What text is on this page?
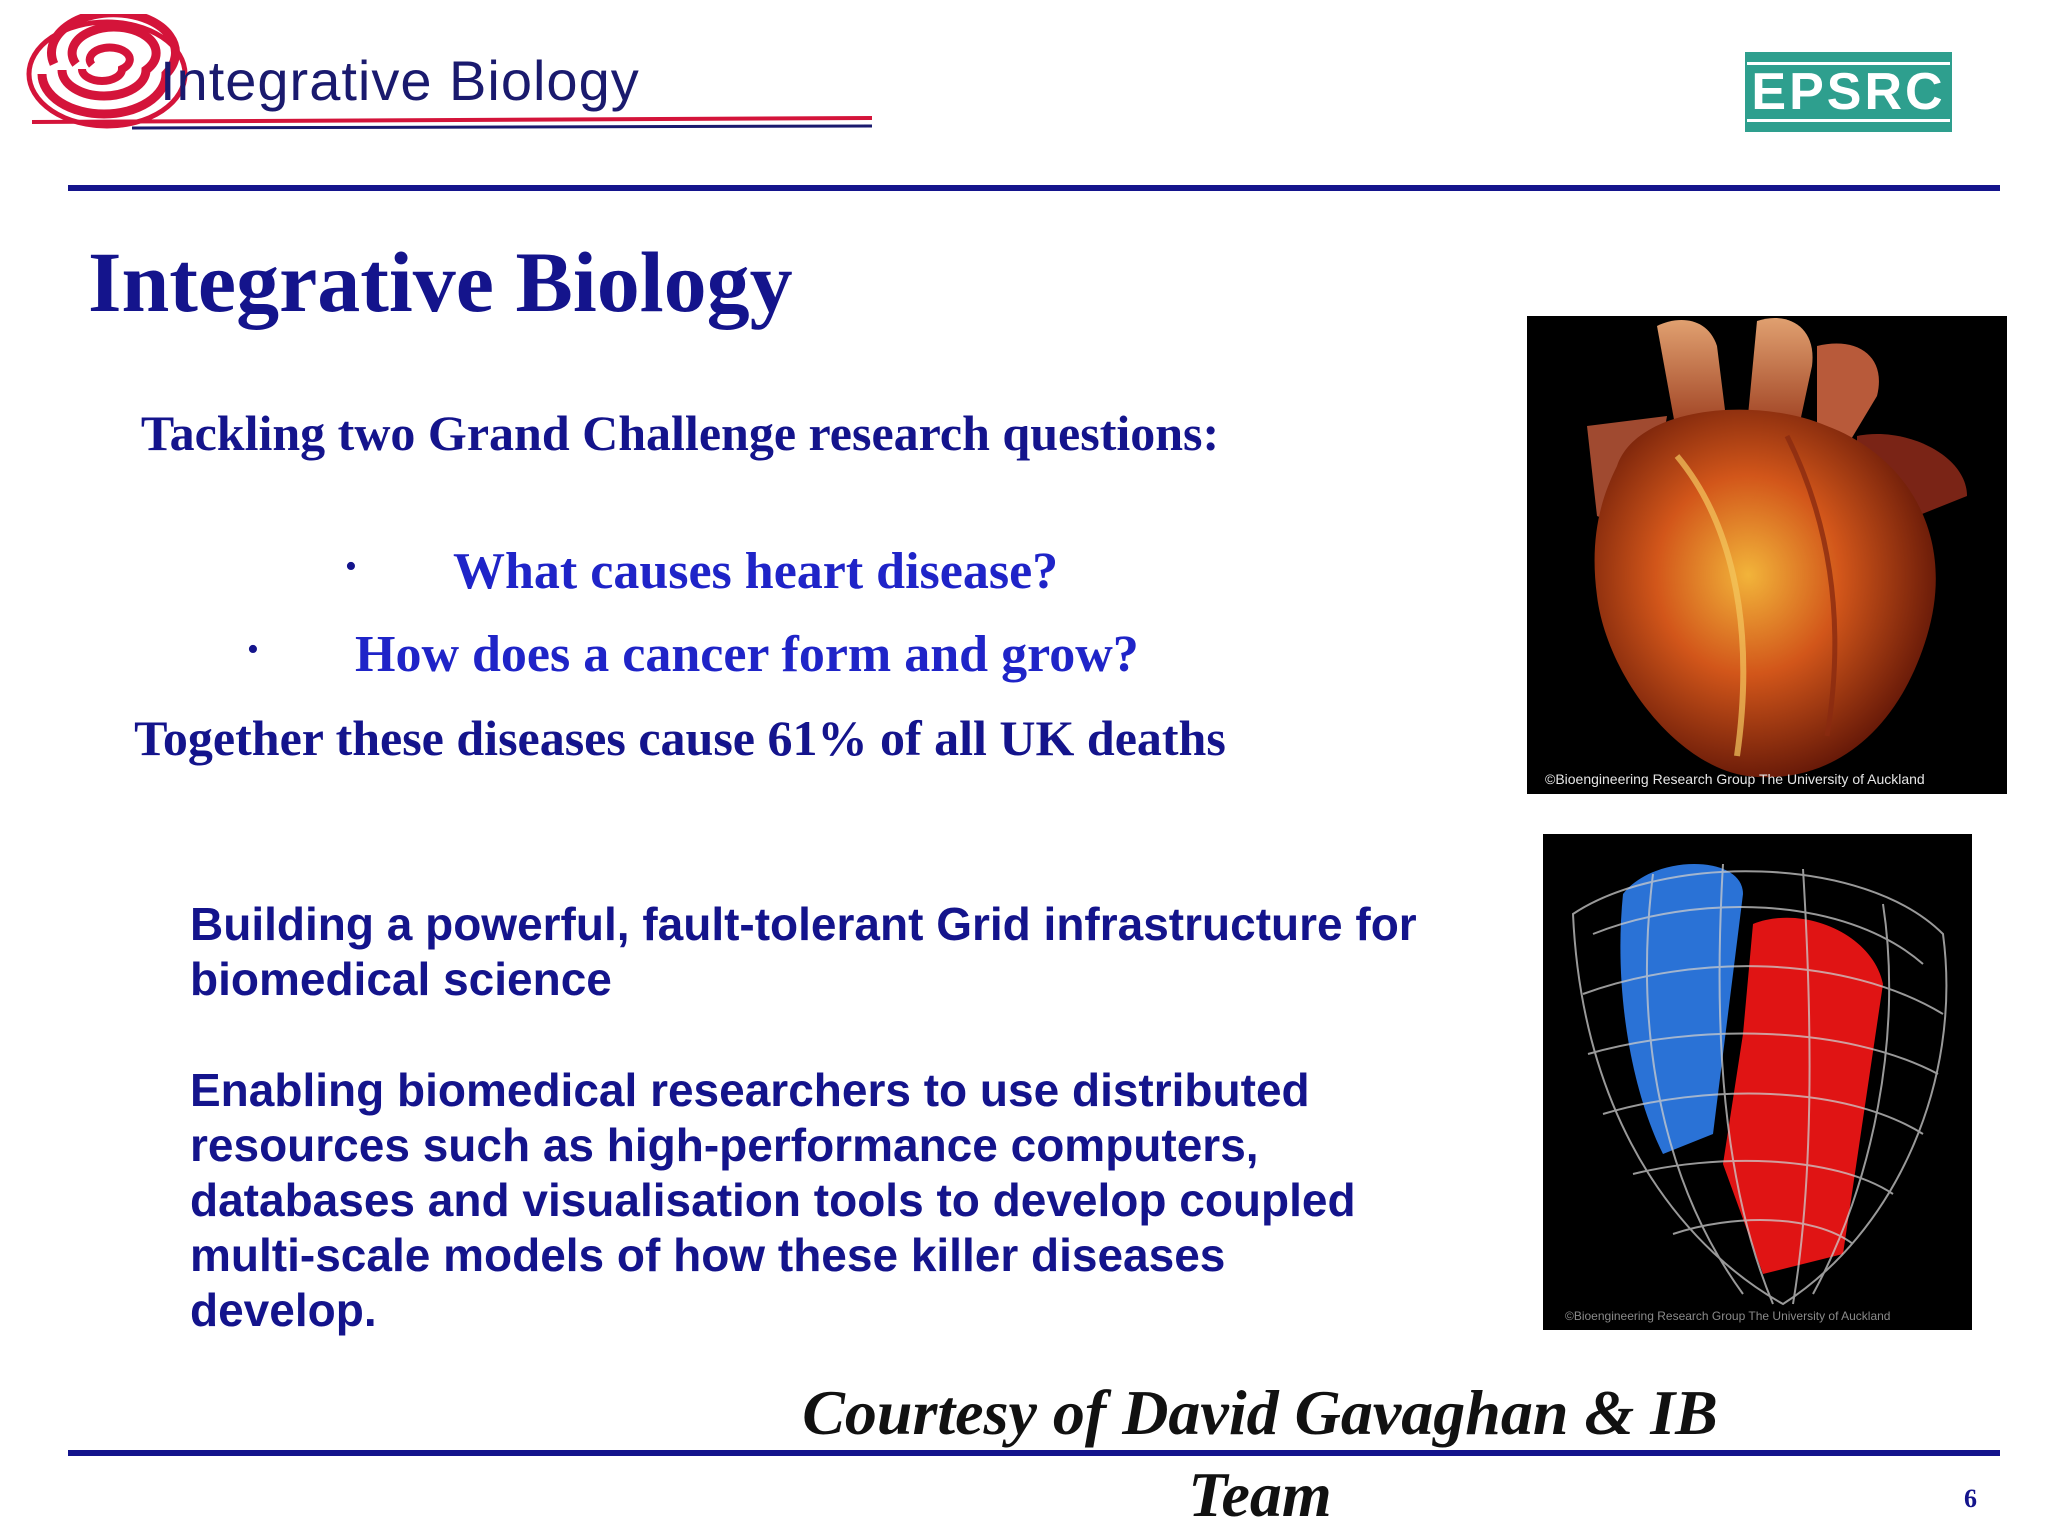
Integrative Biology	EPSRC
Integrative Biology
Tackling two Grand Challenge research questions:
• What causes heart disease?
• How does a cancer form and grow?
Together these diseases cause 61% of all UK deaths
Building a powerful, fault-tolerant Grid infrastructure for biomedical science
Enabling biomedical researchers to use distributed resources such as high-performance computers, databases and visualisation tools to develop coupled multi-scale models of how these killer diseases develop.
©Bioengineering Research Group The University of Auckland
©Bioengineering Research Group The University of Auckland
Courtesy of David Gavaghan & IB Team	6
